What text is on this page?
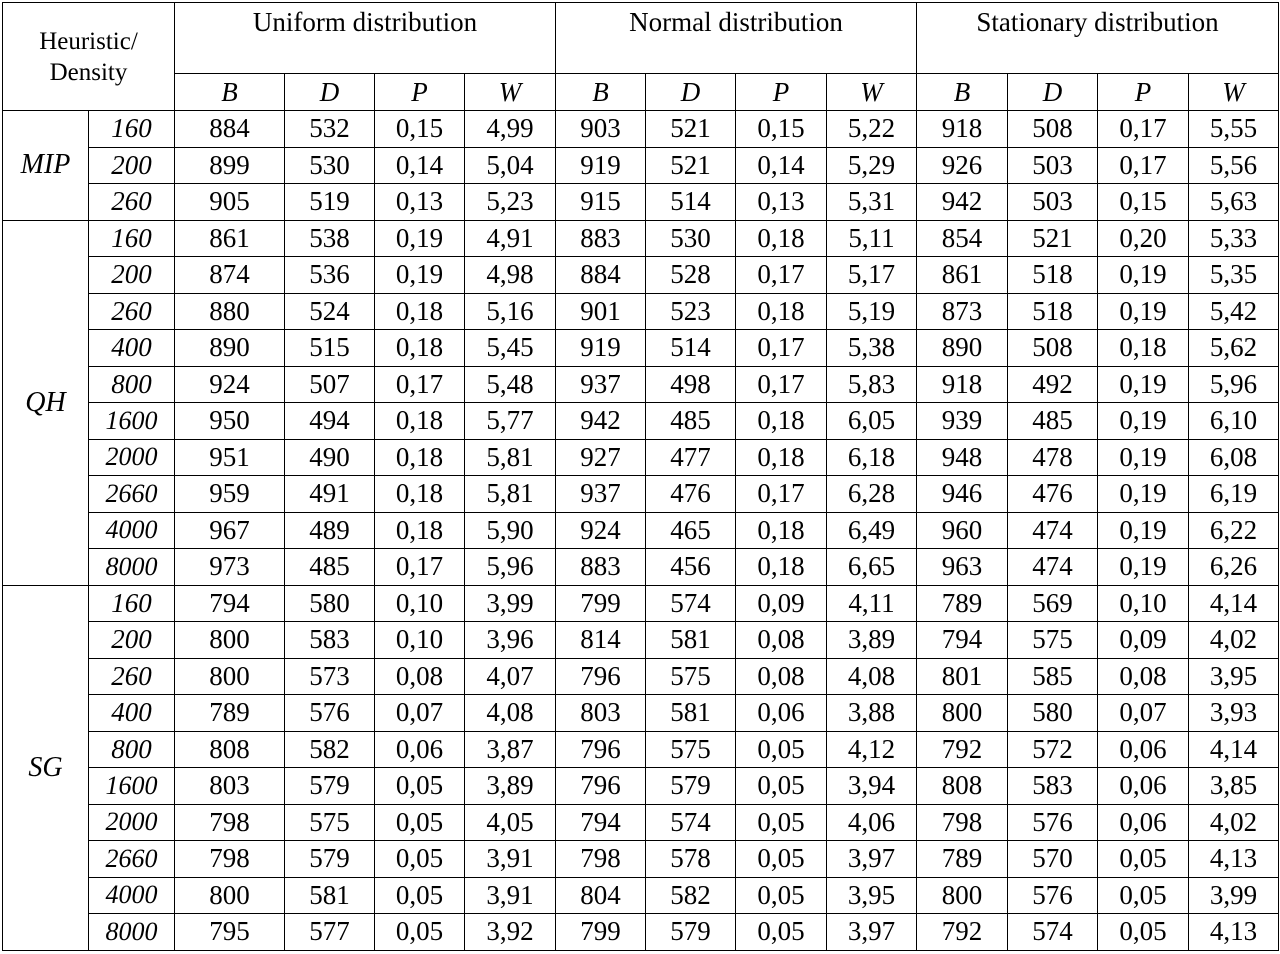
Heuristic/ Density		Uniform distribution				Normal distribution				Stationary distribution			
		B	D	P	W	B	D	P	W	B	D	P	W
MIP	160	884	532	0,15	4,99	903	521	0,15	5,22	918	508	0,17	5,55
	200	899	530	0,14	5,04	919	521	0,14	5,29	926	503	0,17	5,56
	260	905	519	0,13	5,23	915	514	0,13	5,31	942	503	0,15	5,63
QH	160	861	538	0,19	4,91	883	530	0,18	5,11	854	521	0,20	5,33
	200	874	536	0,19	4,98	884	528	0,17	5,17	861	518	0,19	5,35
	260	880	524	0,18	5,16	901	523	0,18	5,19	873	518	0,19	5,42
	400	890	515	0,18	5,45	919	514	0,17	5,38	890	508	0,18	5,62
	800	924	507	0,17	5,48	937	498	0,17	5,83	918	492	0,19	5,96
	1600	950	494	0,18	5,77	942	485	0,18	6,05	939	485	0,19	6,10
	2000	951	490	0,18	5,81	927	477	0,18	6,18	948	478	0,19	6,08
	2660	959	491	0,18	5,81	937	476	0,17	6,28	946	476	0,19	6,19
	4000	967	489	0,18	5,90	924	465	0,18	6,49	960	474	0,19	6,22
	8000	973	485	0,17	5,96	883	456	0,18	6,65	963	474	0,19	6,26
SG	160	794	580	0,10	3,99	799	574	0,09	4,11	789	569	0,10	4,14
	200	800	583	0,10	3,96	814	581	0,08	3,89	794	575	0,09	4,02
	260	800	573	0,08	4,07	796	575	0,08	4,08	801	585	0,08	3,95
	400	789	576	0,07	4,08	803	581	0,06	3,88	800	580	0,07	3,93
	800	808	582	0,06	3,87	796	575	0,05	4,12	792	572	0,06	4,14
	1600	803	579	0,05	3,89	796	579	0,05	3,94	808	583	0,06	3,85
	2000	798	575	0,05	4,05	794	574	0,05	4,06	798	576	0,06	4,02
	2660	798	579	0,05	3,91	798	578	0,05	3,97	789	570	0,05	4,13
	4000	800	581	0,05	3,91	804	582	0,05	3,95	800	576	0,05	3,99
	8000	795	577	0,05	3,92	799	579	0,05	3,97	792	574	0,05	4,13
